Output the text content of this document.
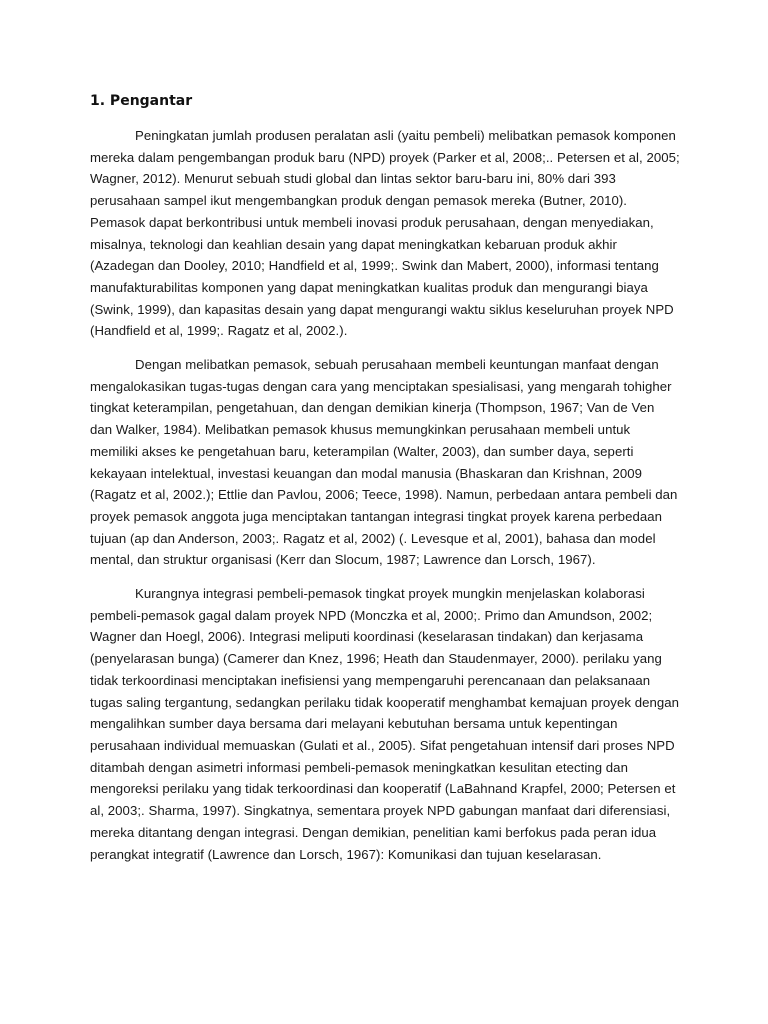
1. Pengantar

Peningkatan jumlah produsen peralatan asli (yaitu pembeli) melibatkan pemasok komponen mereka dalam pengembangan produk baru (NPD) proyek (Parker et al, 2008;.. Petersen et al, 2005; Wagner, 2012). Menurut sebuah studi global dan lintas sektor baru-baru ini, 80% dari 393 perusahaan sampel ikut mengembangkan produk dengan pemasok mereka (Butner, 2010). Pemasok dapat berkontribusi untuk membeli inovasi produk perusahaan, dengan menyediakan, misalnya, teknologi dan keahlian desain yang dapat meningkatkan kebaruan produk akhir (Azadegan dan Dooley, 2010; Handfield et al, 1999;. Swink dan Mabert, 2000), informasi tentang manufakturabilitas komponen yang dapat meningkatkan kualitas produk dan mengurangi biaya (Swink, 1999), dan kapasitas desain yang dapat mengurangi waktu siklus keseluruhan proyek NPD (Handfield et al, 1999;. Ragatz et al, 2002.).

Dengan melibatkan pemasok, sebuah perusahaan membeli keuntungan manfaat dengan mengalokasikan tugas-tugas dengan cara yang menciptakan spesialisasi, yang mengarah tohigher tingkat keterampilan, pengetahuan, dan dengan demikian kinerja (Thompson, 1967; Van de Ven dan Walker, 1984). Melibatkan pemasok khusus memungkinkan perusahaan membeli untuk memiliki akses ke pengetahuan baru, keterampilan (Walter, 2003), dan sumber daya, seperti kekayaan intelektual, investasi keuangan dan modal manusia (Bhaskaran dan Krishnan, 2009 (Ragatz et al, 2002.); Ettlie dan Pavlou, 2006; Teece, 1998). Namun, perbedaan antara pembeli dan proyek pemasok anggota juga menciptakan tantangan integrasi tingkat proyek karena perbedaan tujuan (ap dan Anderson, 2003;. Ragatz et al, 2002) (. Levesque et al, 2001), bahasa dan model mental, dan struktur organisasi (Kerr dan Slocum, 1987; Lawrence dan Lorsch, 1967).

Kurangnya integrasi pembeli-pemasok tingkat proyek mungkin menjelaskan kolaborasi pembeli-pemasok gagal dalam proyek NPD (Monczka et al, 2000;. Primo dan Amundson, 2002; Wagner dan Hoegl, 2006). Integrasi meliputi koordinasi (keselarasan tindakan) dan kerjasama (penyelarasan bunga) (Camerer dan Knez, 1996; Heath dan Staudenmayer, 2000). perilaku yang tidak terkoordinasi menciptakan inefisiensi yang mempengaruhi perencanaan dan pelaksanaan tugas saling tergantung, sedangkan perilaku tidak kooperatif menghambat kemajuan proyek dengan mengalihkan sumber daya bersama dari melayani kebutuhan bersama untuk kepentingan perusahaan individual memuaskan (Gulati et al., 2005). Sifat pengetahuan intensif dari proses NPD ditambah dengan asimetri informasi pembeli-pemasok meningkatkan kesulitan etecting dan mengoreksi perilaku yang tidak terkoordinasi dan kooperatif (LaBahnand Krapfel, 2000; Petersen et al, 2003;. Sharma, 1997). Singkatnya, sementara proyek NPD gabungan manfaat dari diferensiasi, mereka ditantang dengan integrasi. Dengan demikian, penelitian kami berfokus pada peran idua perangkat integratif (Lawrence dan Lorsch, 1967): Komunikasi dan tujuan keselarasan.
